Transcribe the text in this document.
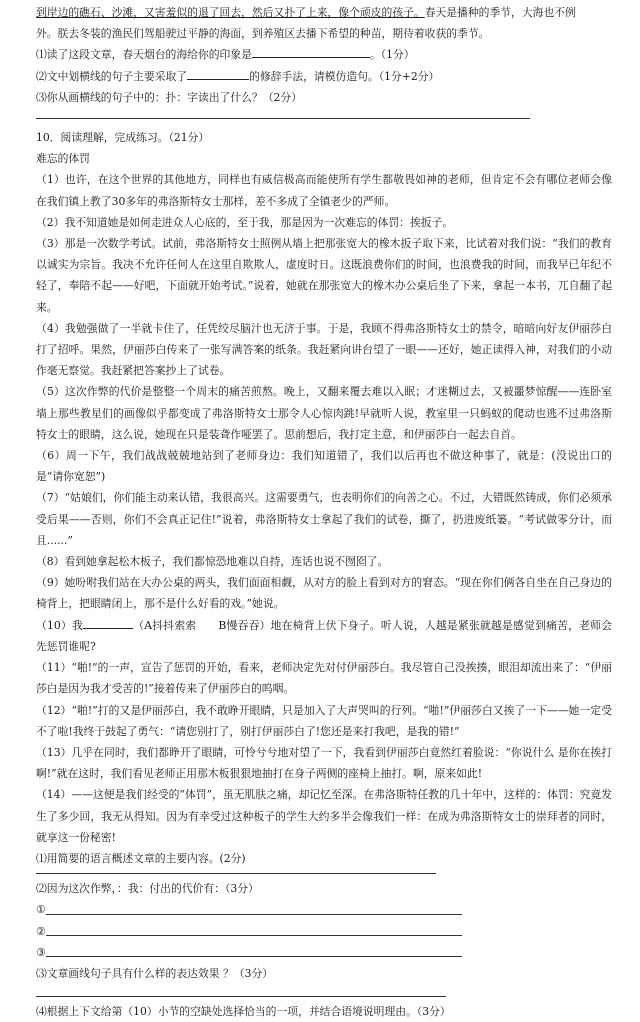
到岸边的礁石、沙滩，又害羞似的退了回去，然后又扑了上来，像个顽皮的孩子。春天是播种的季节，大海也不例

外。朕去冬装的渔民们驾船驶过平静的海面，到养殖区去播下希望的种苗，期待着收获的季节。

⑴读了这段文章，春天烟台的海给你的印象是	。（1分）

⑵文中划横线的句子主要采取了	的修辞手法，请模仿造句。（1分+2分）

⑶你从画横线的句子中的：扑：字读出了什么？（2分）

10．阅读理解，完成练习。（21分）

难忘的体罚

（1）也许，在这个世界的其他地方，同样也有威信极高而能使所有学生都敬畏如神的老师，但肯定不会有哪位老师会像在我们镇上教了30多年的弗洛斯特女士那样，差不多成了全镇老少的严师。

（2）我不知道她是如何走进众人心底的，至于我，那是因为一次难忘的体罚：挨扳子。

（3）那是一次数学考试。试前，弗洛斯特女士照例从墙上把那张宽大的橡木扳子取下来，比试着对我们说：“我们的教育以诚实为宗旨。我决不允许任何人在这里自欺欺人，虚度时日。这既浪费你们的时间，也浪费我的时间，而我早已年纪不轻了，奉陪不起——好吧，下面就开始考试。”说着，她就在那张宽大的橡木办公桌后坐了下来，拿起一本书，兀自翻了起来。

（4）我勉强做了一半就卡住了，任凭绞尽脑汁也无济于事。于是，我顾不得弗洛斯特女士的禁令，暗暗向好友伊丽莎白打了招呼。果然，伊丽莎白传来了一张写满答案的纸条。我赶紧向讲台望了一眼——还好，她正读得入神，对我们的小动作毫无察觉。我赶紧把答案抄上了试卷。

（5）这次作弊的代价是整整一个周末的痛苦煎熬。晚上，又翻来覆去难以入眠；才迷糊过去，又被噩梦惊醒——连卧室墙上那些教星们的画像似乎都变成了弗洛斯特女士那令人心惊肉跳!早就听人说，教室里一只蚂蚁的爬动也逃不过弗洛斯特女士的眼睛，这么说，她现在只是装聋作哑罢了。思前想后，我打定主意，和伊丽莎白一起去自首。

（6）周一下午，我们战战兢兢地站到了老师身边：我们知道错了，我们以后再也不做这种事了，就是：(没说出口的是“请你宽恕”)

（7）“姑娘们，你们能主动来认错，我很高兴。这需要勇气，也表明你们的向善之心。不过，大错既然铸成，你们必须承受后果——否则，你们不会真正记住!”说着，弗洛斯特女士拿起了我们的试卷，撕了，扔进废纸篓。“考试做零分计，而且......”

（8）看到她拿起松木板子，我们都惊恐地难以自持，连话也说不囫囵了。

（9）她吩咐我们站在大办公桌的两头，我们面面相觑，从对方的脸上看到对方的窘态。“现在你们俩各自坐在自己身边的椅背上，把眼睛闭上，那不是什么好看的戏。”她说。

（10）我	（A抖抖索索　　B慢吞吞）地在椅背上伏下身子。听人说，人越是紧张就越是感觉到痛苦，老师会先惩罚谁呢?

（11）“啪!”的一声，宣告了惩罚的开始，看来，老师决定先对付伊丽莎白。我尽管自己没挨揍，眼泪却流出来了：“伊丽莎白是因为我才受苦的!”接着传来了伊丽莎白的呜咽。

（12）“啪!”打的又是伊丽莎白，我不敢睁开眼睛，只是加入了大声哭叫的行列。“啪!”伊丽莎白又挨了一下——她一定受不了啦!我终于鼓起了勇气：“请您别打了，别打伊丽莎白了!您还是来打我吧，是我的错!”

（13）几乎在同时，我们都睁开了眼睛，可怜兮兮地对望了一下，我看到伊丽莎白竟然红着脸说：“你说什么 是你在挨打啊!”就在这时，我们看见老师正用那木板狠狠地抽打在身子两侧的座椅上抽打。啊，原来如此!

（14）——这便是我们经受的“体罚”，虽无肌肤之痛，却记忆至深。在弗洛斯特任教的几十年中，这样的：体罚：究竟发生了多少回，我无从得知。因为有幸受过这种板子的学生大约多半会像我们一样：在成为弗洛斯特女士的崇拜者的同时，就享这一份秘密!

⑴用简要的语言概述文章的主要内容。(2分)

⑵因为这次作弊，：我：付出的代价有：（3分）

①
②
③

⑶文章画线句子具有什么样的表达效果 ？（3分）

⑷根据上下文给第（10）小节的空缺处选择恰当的一项，并结合语境说明理由。（3分）
